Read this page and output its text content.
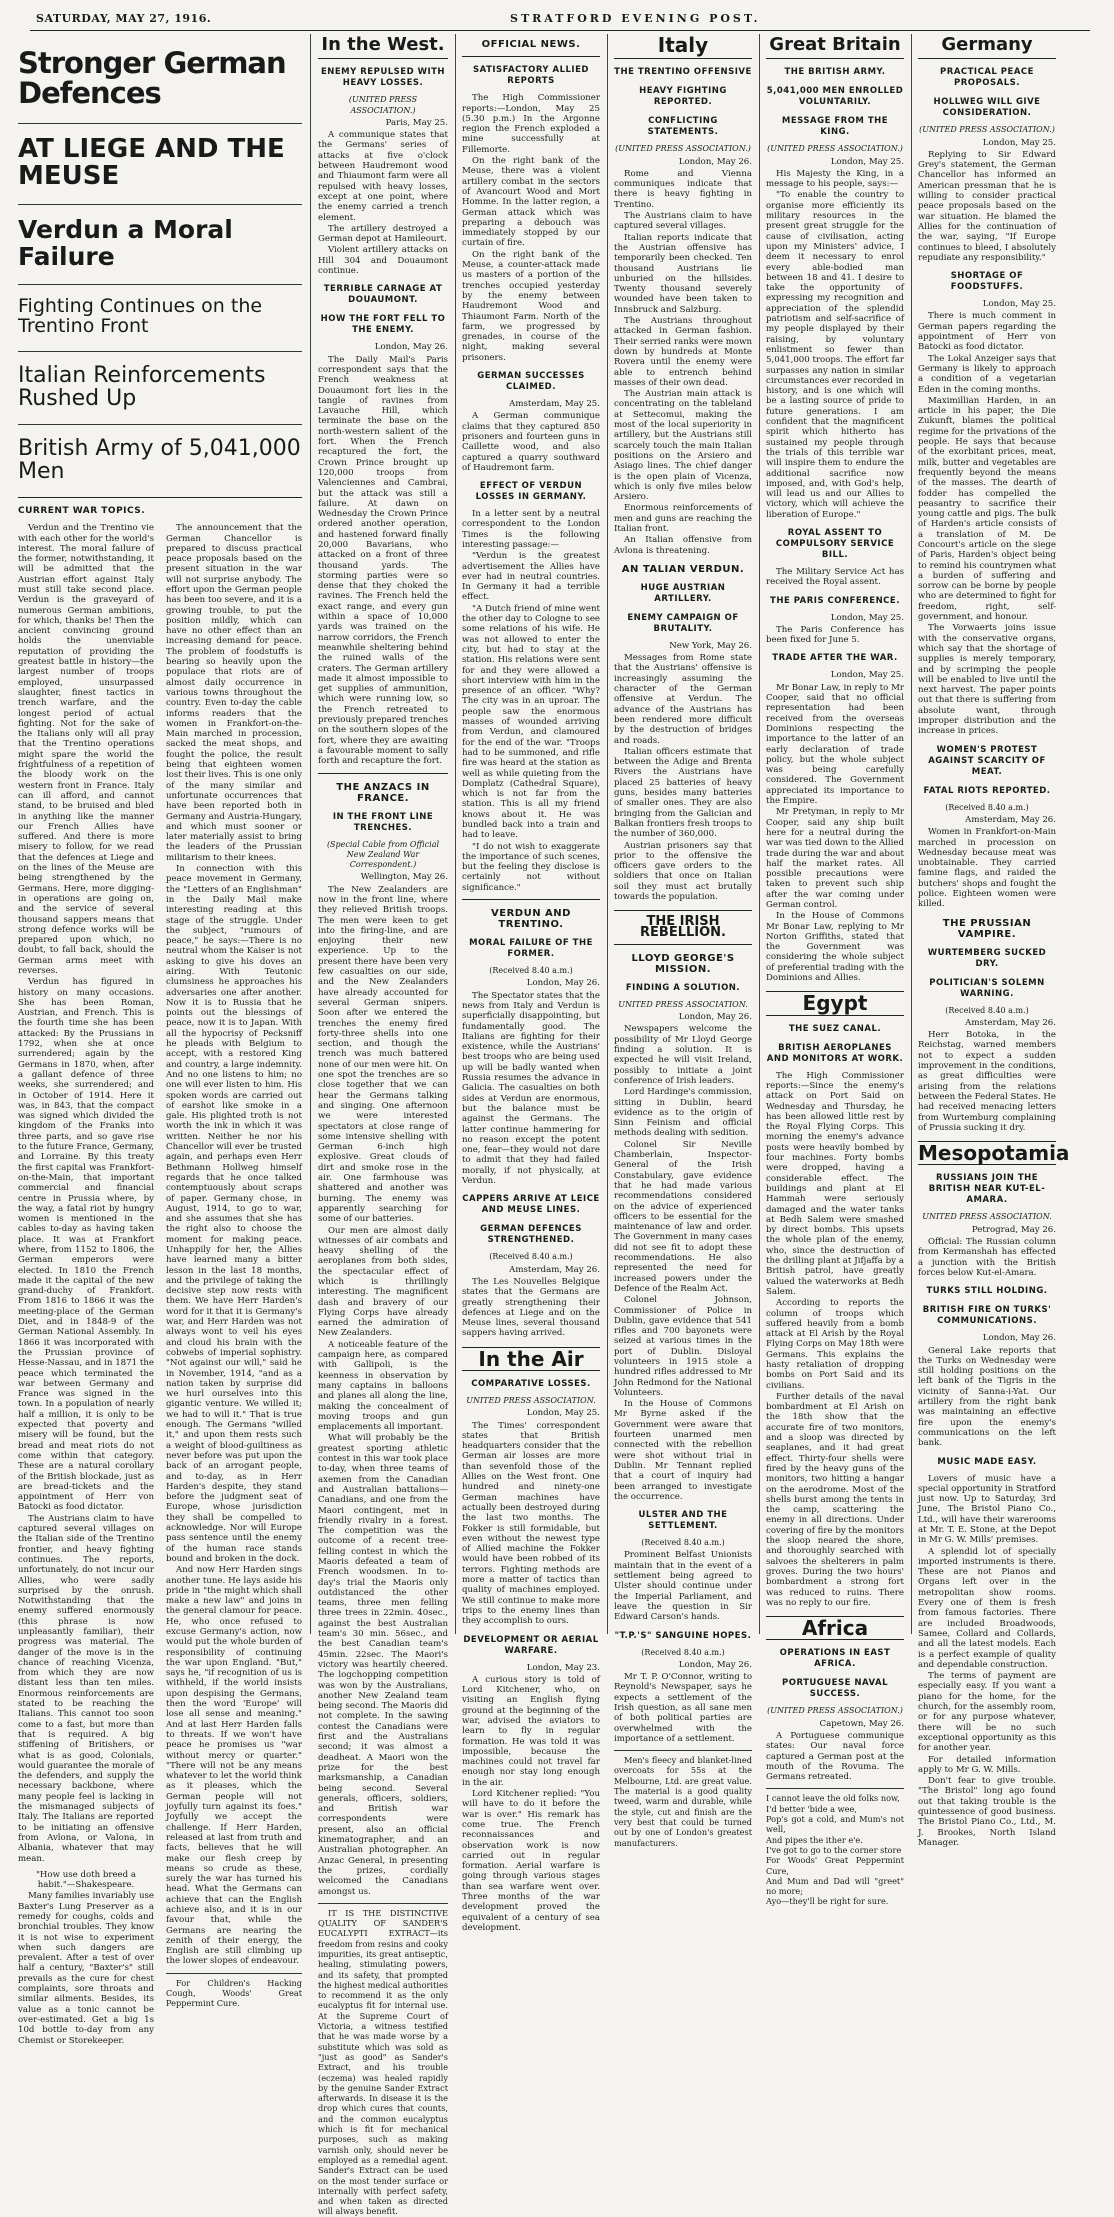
SATURDAY, MAY 27, 1916.	STRATFORD EVENING POST.
Stronger German Defences
AT LIEGE AND THE MEUSE
Verdun a Moral Failure
Fighting Continues on the Trentino Front
Italian Reinforcements Rushed Up
British Army of 5,041,000 Men
CURRENT WAR TOPICS.

Verdun and the Trentino vie with each other for the world's interest. The moral failure of the former, notwithstanding, it will be admitted that the Austrian effort against Italy must still take second place. Verdun is the graveyard of numerous German ambitions, for which, thanks be! Then the ancient convincing ground holds the unenviable reputation of providing the greatest battle in history—the largest number of troops employed, unsurpassed slaughter, finest tactics in trench warfare, and the longest period of actual fighting. Not for the sake of the Italians only will all pray that the Trentino operations might spare the world the frightfulness of a repetition of the bloody work on the western front in France. Italy can ill afford, and cannot stand, to be bruised and bled in anything like the manner our French Allies have suffered. And there is more misery to follow, for we read that the defences at Liege and on the lines of the Meuse are being strengthened by the Germans. Here, more digging-in operations are going on, and the service of several thousand sappers means that strong defence works will be prepared upon which, no doubt, to fall back, should the German arms meet with reverses.

Verdun has figured in history on many occasions. She has been Roman, Austrian, and French. This is the fourth time she has been attacked: By the Prussians in 1792, when she at once surrendered; again by the Germans in 1870, when, after a gallant defence of three weeks, she surrendered; and in October of 1914. Here it was, in 843, that the compact was signed which divided the kingdom of the Franks into three parts, and so gave rise to the future France, Germany, and Lorraine. By this treaty the first capital was Frankfort-on-the-Main, that important commercial and financial centre in Prussia where, by the way, a fatal riot by hungry women is mentioned in the cables to-day as having taken place. It was at Frankfort where, from 1152 to 1806, the German emperors were elected. In 1810 the French made it the capital of the new grand-duchy of Frankfort. From 1816 to 1866 it was the meeting-place of the German Diet, and in 1848-9 of the German National Assembly. In 1866 it was incorporated with the Prussian province of Hesse-Nassau, and in 1871 the peace which terminated the war between Germany and France was signed in the town. In a population of nearly half a million, it is only to be expected that poverty and misery will be found, but the bread and meat riots do not come within that category. These are a natural corollary of the British blockade, just as are bread-tickets and the appointment of Herr von Batocki as food dictator.

The Austrians claim to have captured several villages on the Italian side of the Trentino frontier, and heavy fighting continues. The reports, unfortunately, do not incur our Allies, who were sadly surprised by the onrush. Notwithstanding that the enemy suffered enormously (this phrase is now unpleasantly familiar), their progress was material. The danger of the move is in the chance of reaching Vicenza, from which they are now distant less than ten miles. Enormous reinforcements are stated to be reaching the Italians. This cannot too soon come to a fast, but more than that is required. A big stiffening of Britishers, or what is as good, Colonials, would guarantee the morale of the defenders, and supply the necessary backbone, where many people feel is lacking in the mismanaged subjects of Italy. The Italians are reported to be initiating an offensive from Avlona, or Valona, in Albania, whatever that may mean.

"How use doth breed a habit."—Shakespeare.

Many families invariably use Baxter's Lung Preserver as a remedy for coughs, colds and bronchial troubles. They know it is not wise to experiment when such dangers are prevalent. After a test of over half a century, "Baxter's" still prevails as the cure for chest complaints, sore throats and similar ailments. Besides, its value as a tonic cannot be over-estimated. Get a big 1s 10d bottle to-day from any Chemist or Storekeeper.

The announcement that the German Chancellor is prepared to discuss practical peace proposals based on the present situation in the war will not surprise anybody. The effort upon the German people has been too severe, and it is a growing trouble, to put the position mildly, which can have no other effect than an increasing demand for peace. The problem of foodstuffs is bearing so heavily upon the populace that riots are of almost daily occurrence in various towns throughout the country. Even to-day the cable informs readers that the women in Frankfort-on-the-Main marched in procession, sacked the meat shops, and fought the police, the result being that eighteen women lost their lives. This is one only of the many similar and unfortunate occurrences that have been reported both in Germany and Austria-Hungary, and which must sooner or later materially assist to bring the leaders of the Prussian militarism to their knees.

In connection with this peace movement in Germany, the "Letters of an Englishman" in the Daily Mail make interesting reading at this stage of the struggle. Under the subject, "rumours of peace," he says:—There is no neutral whom the Kaiser is not asking to give his doves an airing. With Teutonic clumsiness he approaches his adversaries one after another. Now it is to Russia that he points out the blessings of peace, now it is to Japan. With all the hypocrisy of Pecksniff he pleads with Belgium to accept, with a restored King and country, a large indemnity. And no one listens to him; no one will ever listen to him. His spoken words are carried out of earshot like smoke in a gale. His plighted troth is not worth the ink in which it was written. Neither he nor his Chancellor will ever be trusted again, and perhaps even Herr Bethmann Hollweg himself regards that he once talked contemptuously about scraps of paper. Germany chose, in August, 1914, to go to war, and she assumes that she has the right also to choose the moment for making peace. Unhappily for her, the Allies have learned many a bitter lesson in the last 18 months, and the privilege of taking the decisive step now rests with them. We have Herr Harden's word for it that it is Germany's war, and Herr Harden was not always wont to veil his eyes and cloud his brain with the cobwebs of imperial sophistry. "Not against our will," said he in November, 1914, "and as a nation taken by surprise did we hurl ourselves into this gigantic venture. We willed it; we had to will it." That is true enough. The Germans "willed it," and upon them rests such a weight of blood-guiltiness as never before was put upon the back of an arrogant people, and to-day, as in Herr Harden's despite, they stand before the judgment seat of Europe, whose jurisdiction they shall be compelled to acknowledge. Nor will Europe pass sentence until the enemy of the human race stands bound and broken in the dock.

And now Herr Harden sings another tune. He lays aside his pride in "the might which shall make a new law" and joins in the general clamour for peace. He, who once refused to excuse Germany's action, now would put the whole burden of responsibility of continuing the war upon England. "But," says he, "if recognition of us is withheld, if the world insists upon despising the Germans, then the word 'Europe' will lose all sense and meaning." And at last Herr Harden falls to threats. If we won't have peace he promises us "war without mercy or quarter." "There will not be any means whatever to let the world think as it pleases, which the German people will not joyfully turn against its foes." Joyfully we accept the challenge. If Herr Harden, released at last from truth and facts, believes that he will make our flesh creep by means so crude as these, surely the war has turned his head. What the Germans can achieve that can the English achieve also, and it is in our favour that, while the Germans are nearing the zenith of their energy, the English are still climbing up the lower slopes of endeavour.

For Children's Hacking Cough, Woods' Great Peppermint Cure.

In the West.
ENEMY REPULSED WITH HEAVY LOSSES.
(UNITED PRESS ASSOCIATION.)
Paris, May 25.

A communique states that the Germans' series of attacks at five o'clock between Haudremont wood and Thiaumont farm were all repulsed with heavy losses, except at one point, where the enemy carried a trench element.

The artillery destroyed a German depot at Hamileourt.

Violent artillery attacks on Hill 304 and Douaumont continue.

TERRIBLE CARNAGE AT DOUAUMONT.
HOW THE FORT FELL TO THE ENEMY.
London, May 26.

The Daily Mail's Paris correspondent says that the French weakness at Douaumont fort lies in the tangle of ravines from Lavauche Hill, which terminate the base on the north-western salient of the fort. When the French recaptured the fort, the Crown Prince brought up 120,000 troops from Valenciennes and Cambrai, but the attack was still a failure. At dawn on Wednesday the Crown Prince ordered another operation, and hastened forward finally 20,000 Bavarians, who attacked on a front of three thousand yards. The storming parties were so dense that they choked the ravines. The French held the exact range, and every gun within a space of 10,000 yards was trained on the narrow corridors, the French meanwhile sheltering behind the ruined walls of the craters. The German artillery made it almost impossible to get supplies of ammunition, which were running low, so the French retreated to previously prepared trenches on the southern slopes of the fort, where they are awaiting a favourable moment to sally forth and recapture the fort.

THE ANZACS IN FRANCE.
IN THE FRONT LINE TRENCHES.
(Special Cable from Official New Zealand War Correspondent.)
Wellington, May 26.

The New Zealanders are now in the front line, where they relieved British troops. The men were keen to get into the firing-line, and are enjoying their new experience. Up to the present there have been very few casualties on our side, and the New Zealanders have already accounted for several German snipers. Soon after we entered the trenches the enemy fired forty-three shells into one section, and though the trench was much battered none of our men were hit. On one spot the trenches are so close together that we can hear the Germans talking and singing. One afternoon we were interested spectators at close range of some intensive shelling with German 6-inch high explosive. Great clouds of dirt and smoke rose in the air. One farmhouse was shattered and another was burning. The enemy was apparently searching for some of our batteries.

Our men are almost daily witnesses of air combats and heavy shelling of the aeroplanes from both sides, the spectacular effect of which is thrillingly interesting. The magnificent dash and bravery of our Flying Corps have already earned the admiration of New Zealanders.

A noticeable feature of the campaign here, as compared with Gallipoli, is the keenness in observation by many captains in balloons and planes all along the line, making the concealment of moving troops and gun emplacements all important.

What will probably be the greatest sporting athletic contest in this war took place to-day, when three teams of axemen from the Canadian and Australian battalions—Canadians, and one from the Maori contingent, met in friendly rivalry in a forest. The competition was the outcome of a recent tree-felling contest in which the Maoris defeated a team of French woodsmen. In to-day's trial the Maoris only outdistanced the other teams, three men felling three trees in 22min. 40sec., against the best Australian team's 30 min. 56sec., and the best Canadian team's 45min. 22sec. The Maori's victory was heartily cheered. The logchopping competition was won by the Australians, another New Zealand team being second. The Maoris did not complete. In the sawing contest the Canadians were first and the Australians second; it was almost a deadheat. A Maori won the prize for the best marksmanship, a Canadian being second. Several generals, officers, soldiers, and British war correspondents were present, also an official kinematographer, and an Australian photographer. An Anzac General, in presenting the prizes, cordially welcomed the Canadians amongst us.

IT IS THE DISTINCTIVE QUALITY OF SANDER'S EUCALYPTI EXTRACT—its freedom from resins and cooky impurities, its great antiseptic, healing, stimulating powers, and its safety, that prompted the highest medical authorities to recommend it as the only eucalyptus fit for internal use. At the Supreme Court of Victoria, a witness testified that he was made worse by a substitute which was sold as "just as good" as Sander's Extract, and his trouble (eczema) was healed rapidly by the genuine Sander Extract afterwards. In disease it is the drop which cures that counts, and the common eucalyptus which is fit for mechanical purposes, such as making varnish only, should never be employed as a remedial agent. Sander's Extract can be used on the most tender surface or internally with perfect safety, and when taken as directed will always benefit.

OFFICIAL NEWS.
SATISFACTORY ALLIED REPORTS

The High Commissioner reports:—London, May 25 (5.30 p.m.) In the Argonne region the French exploded a mine successfully at Fillemorte.

On the right bank of the Meuse, there was a violent artillery combat in the sectors of Avancourt Wood and Mort Homme. In the latter region, a German attack which was preparing a debouch was immediately stopped by our curtain of fire.

On the right bank of the Meuse, a counter-attack made us masters of a portion of the trenches occupied yesterday by the enemy between Haudremont Wood and Thiaumont Farm. North of the farm, we progressed by grenades, in course of the night, making several prisoners.

GERMAN SUCCESSES CLAIMED.
Amsterdam, May 25.

A German communique claims that they captured 850 prisoners and fourteen guns in Caillette wood, and also captured a quarry southward of Haudremont farm.

EFFECT OF VERDUN LOSSES IN GERMANY.

In a letter sent by a neutral correspondent to the London Times is the following interesting passage:—

"Verdun is the greatest advertisement the Allies have ever had in neutral countries. In Germany it had a terrible effect.

"A Dutch friend of mine went the other day to Cologne to see some relations of his wife. He was not allowed to enter the city, but had to stay at the station. His relations were sent for and they were allowed a short interview with him in the presence of an officer. "Why? The city was in an uproar. The people saw the enormous masses of wounded arriving from Verdun, and clamoured for the end of the war. "Troops had to be summoned, and rifle fire was heard at the station as well as while quieting from the Domplatz (Cathedral Square), which is not far from the station. This is all my friend knows about it. He was bundled back into a train and had to leave.

"I do not wish to exaggerate the importance of such scenes, but the feeling they disclose is certainly not without significance."

VERDUN AND TRENTINO.
MORAL FAILURE OF THE FORMER.
(Received 8.40 a.m.)
London, May 26.

The Spectator states that the news from Italy and Verdun is superficially disappointing, but fundamentally good. The Italians are fighting for their existence, while the Austrians' best troops who are being used up will be badly wanted when Russia resumes the advance in Galicia. The casualties on both sides at Verdun are enormous, but the balance must be against the Germans. The latter continue hammering for no reason except the potent one, fear—they would not dare to admit that they had failed morally, if not physically, at Verdun.

CAPPERS ARRIVE AT LEICE AND MEUSE LINES.
GERMAN DEFENCES STRENGTHENED.
(Received 8.40 a.m.)
Amsterdam, May 26.

The Les Nouvelles Belgique states that the Germans are greatly strengthening their defences at Liege and on the Meuse lines, several thousand sappers having arrived.

In the Air
COMPARATIVE LOSSES.
UNITED PRESS ASSOCIATION.
London, May 25.

The Times' correspondent states that British headquarters consider that the German air losses are more than sevenfold those of the Allies on the West front. One hundred and ninety-one German machines have actually been destroyed during the last two months. The Fokker is still formidable, but even without the newest type of Allied machine the Fokker would have been robbed of its terrors. Fighting methods are more a matter of tactics than quality of machines employed. We still continue to make more trips to the enemy lines than they accomplish to ours.

DEVELOPMENT OR AERIAL WARFARE.
London, May 23.

A curious story is told of Lord Kitchener, who, on visiting an English flying ground at the beginning of the war, advised the aviators to learn to fly in regular formation. He was told it was impossible, because the machines could not travel far enough nor stay long enough in the air.

Lord Kitchener replied: "You will have to do it before the war is over." His remark has come true. The French reconnaissances and observation work is now carried out in regular formation. Aerial warfare is going through various stages than sea warfare went over. Three months of the war development proved the equivalent of a century of sea development.

Italy
THE TRENTINO OFFENSIVE
HEAVY FIGHTING REPORTED.
CONFLICTING STATEMENTS.
(UNITED PRESS ASSOCIATION.)
London, May 26.

Rome and Vienna communiques indicate that there is heavy fighting in Trentino.

The Austrians claim to have captured several villages.

Italian reports indicate that the Austrian offensive has temporarily been checked. Ten thousand Austrians lie unburied on the hillsides. Twenty thousand severely wounded have been taken to Innsbruck and Salzburg.

The Austrians throughout attacked in German fashion. Their serried ranks were mown down by hundreds at Monte Rovera until the enemy were able to entrench behind masses of their own dead.

The Austrian main attack is concentrating on the tableland at Settecomui, making the most of the local superiority in artillery, but the Austrians still scarcely touch the main Italian positions on the Arsiero and Asiago lines. The chief danger is the open plain of Vicenza, which is only five miles below Arsiero.

Enormous reinforcements of men and guns are reaching the Italian front.

An Italian offensive from Avlona is threatening.

AN TALIAN VERDUN.
HUGE AUSTRIAN ARTILLERY.
ENEMY CAMPAIGN OF BRUTALITY.
New York, May 26.

Messages from Rome state that the Austrians' offensive is increasingly assuming the character of the German offensive at Verdun. The advance of the Austrians has been rendered more difficult by the destruction of bridges and roads.

Italian officers estimate that between the Adige and Brenta Rivers the Austrians have placed 25 batteries of heavy guns, besides many batteries of smaller ones. They are also bringing from the Galician and Balkan frontiers fresh troops to the number of 360,000.

Austrian prisoners say that prior to the offensive the officers gave orders to the soldiers that once on Italian soil they must act brutally towards the population.

THE IRISH REBELLION.
LLOYD GEORGE'S MISSION.
FINDING A SOLUTION.
UNITED PRESS ASSOCIATION.
London, May 26.

Newspapers welcome the possibility of Mr Lloyd George finding a solution. It is expected he will visit Ireland, possibly to initiate a joint conference of Irish leaders.

Lord Hardinge's commission, sitting in Dublin, heard evidence as to the origin of Sinn Feinism and official methods dealing with sedition.

Colonel Sir Neville Chamberlain, Inspector-General of the Irish Constabulary, gave evidence that he had made various recommendations considered on the advice of experienced officers to be essential for the maintenance of law and order. The Government in many cases did not see fit to adopt these recommendations. He also represented the need for increased powers under the Defence of the Realm Act.

Colonel Johnson, Commissioner of Police in Dublin, gave evidence that 541 rifles and 700 bayonets were seized at various times in the port of Dublin. Disloyal volunteers in 1915 stole a hundred rifles addressed to Mr John Redmond for the National Volunteers.

In the House of Commons Mr Byrne asked if the Government were aware that fourteen unarmed men connected with the rebellion were shot without trial in Dublin. Mr Tennant replied that a court of inquiry had been arranged to investigate the occurrence.

ULSTER AND THE SETTLEMENT.
(Received 8.40 a.m.)

Prominent Belfast Unionists maintain that in the event of a settlement being agreed to Ulster should continue under the Imperial Parliament, and leave the question in Sir Edward Carson's hands.

"T.P.'S" SANGUINE HOPES.
(Received 8.40 a.m.)
London, May 26.

Mr T. P. O'Connor, writing to Reynold's Newspaper, says he expects a settlement of the Irish question, as all sane men of both political parties are overwhelmed with the importance of a settlement.

Men's fleecy and blanket-lined overcoats for 55s at the Melbourne, Ltd. are great value. The material is a good quality tweed, warm and durable, while the style, cut and finish are the very best that could be turned out by one of London's greatest manufacturers.

Great Britain
THE BRITISH ARMY.
5,041,000 MEN ENROLLED VOLUNTARILY.
MESSAGE FROM THE KING.
(UNITED PRESS ASSOCIATION.)
London, May 25.

His Majesty the King, in a message to his people, says:—

"To enable the country to organise more efficiently its military resources in the present great struggle for the cause of civilisation, acting upon my Ministers' advice, I deem it necessary to enrol every able-bodied man between 18 and 41. I desire to take the opportunity of expressing my recognition and appreciation of the splendid patriotism and self-sacrifice of my people displayed by their raising, by voluntary enlistment so fewer than 5,041,000 troops. The effort far surpasses any nation in similar circumstances ever recorded in history, and is one which will be a lasting source of pride to future generations. I am confident that the magnificent spirit which hitherto has sustained my people through the trials of this terrible war will inspire them to endure the additional sacrifice now imposed, and, with God's help, will lead us and our Allies to victory, which will achieve the liberation of Europe."

ROYAL ASSENT TO COMPULSORY SERVICE BILL.

The Military Service Act has received the Royal assent.

THE PARIS CONFERENCE.
London, May 25.

The Paris Conference has been fixed for June 5.

TRADE AFTER THE WAR.
London, May 25.

Mr Bonar Law, in reply to Mr Cooper, said that no official representation had been received from the overseas Dominions respecting the importance to the latter of an early declaration of trade policy, but the whole subject was being carefully considered. The Government appreciated its importance to the Empire.

Mr Pretyman, in reply to Mr Cooper, said any ship built here for a neutral during the war was tied down to the Allied trade during the war and about half the market rates. All possible precautions were taken to prevent such ship after the war coming under German control.

In the House of Commons Mr Bonar Law, replying to Mr Norton Griffiths, stated that the Government was considering the whole subject of preferential trading with the Dominions and Allies.

Egypt
THE SUEZ CANAL.
BRITISH AEROPLANES AND MONITORS AT WORK.

The High Commissioner reports:—Since the enemy's attack on Port Said on Wednesday and Thursday, he has been allowed little rest by the Royal Flying Corps. This morning the enemy's advance posts were heavily bombed by four machines. Forty bombs were dropped, having a considerable effect. The buildings and plant at El Hammah were seriously damaged and the water tanks at Bedh Salem were smashed by direct bombs. This upsets the whole plan of the enemy, who, since the destruction of the drilling plant at Jifjaffa by a British patrol, have greatly valued the waterworks at Bedh Salem.

According to reports the column of troops which suffered heavily from a bomb attack at El Arish by the Royal Flying Corps on May 18th were Germans. This explains the hasty retaliation of dropping bombs on Port Said and its civilians.

Further details of the naval bombardment at El Arish on the 18th show that the accurate fire of two monitors, and a sloop was directed by seaplanes, and it had great effect. Thirty-four shells were fired by the heavy guns of the monitors, two hitting a hangar on the aerodrome. Most of the shells burst among the tents in the camp, scattering the enemy in all directions. Under covering of fire by the monitors the sloop neared the shore, and thoroughly searched with salvoes the shelterers in palm groves. During the two hours' bombardment a strong fort was reduced to ruins. There was no reply to our fire.

Africa
OPERATIONS IN EAST AFRICA.
PORTUGUESE NAVAL SUCCESS.
(UNITED PRESS ASSOCIATION.)
Capetown, May 26.

A Portuguese communique states: Our naval force captured a German post at the mouth of the Rovuma. The Germans retreated.

I cannot leave the old folks now,
I'd better 'bide a wee,
Pop's got a cold, and Mum's not well,
And pipes the ither e'e.
I've got to go to the corner store
For Woods' Great Peppermint Cure,
And Mum and Dad will "greet" no more;
Ayo—they'll be right for sure.
Germany
PRACTICAL PEACE PROPOSALS.
HOLLWEG WILL GIVE CONSIDERATION.
(UNITED PRESS ASSOCIATION.)
London, May 25.

Replying to Sir Edward Grey's statement, the German Chancellor has informed an American pressman that he is willing to consider practical peace proposals based on the war situation. He blamed the Allies for the continuation of the war, saying, "If Europe continues to bleed, I absolutely repudiate any responsibility."

SHORTAGE OF FOODSTUFFS.
London, May 25.

There is much comment in German papers regarding the appointment of Herr von Batocki as food dictator.

The Lokal Anzeiger says that Germany is likely to approach a condition of a vegetarian Eden in the coming months.

Maximillian Harden, in an article in his paper, the Die Zukunft, blames the political regime for the privations of the people. He says that because of the exorbitant prices, meat, milk, butter and vegetables are frequently beyond the means of the masses. The dearth of fodder has compelled the peasantry to sacrifice their young cattle and pigs. The bulk of Harden's article consists of a translation of M. De Concourt's article on the siege of Paris, Harden's object being to remind his countrymen what a burden of suffering and sorrow can be borne by people who are determined to fight for freedom, right, self-government, and honour.

The Vorwaerts joins issue with the conservative organs, which say that the shortage of supplies is merely temporary, and by scrimping the people will be enabled to live until the next harvest. The paper points out that there is suffering from absolute want, through improper distribution and the increase in prices.

WOMEN'S PROTEST AGAINST SCARCITY OF MEAT.
FATAL RIOTS REPORTED.
(Received 8.40 a.m.)
Amsterdam, May 26.

Women in Frankfort-on-Main marched in procession on Wednesday because meat was unobtainable. They carried famine flags, and raided the butchers' shops and fought the police. Eighteen women were killed.

THE PRUSSIAN VAMPIRE.
WURTEMBERG SUCKED DRY.
POLITICIAN'S SOLEMN WARNING.
(Received 8.40 a.m.)
Amsterdam, May 26.

Herr Botoka, in the Reichstag, warned members not to expect a sudden improvement in the conditions, as great difficulties were arising from the relations between the Federal States. He had received menacing letters from Wurtemburg complaining of Prussia sucking it dry.

Mesopotamia
RUSSIANS JOIN THE BRITISH NEAR KUT-EL-AMARA.
UNITED PRESS ASSOCIATION.
Petrograd, May 26.

Official: The Russian column from Kermanshah has effected a junction with the British forces below Kut-el-Amara.

TURKS STILL HOLDING.
BRITISH FIRE ON TURKS' COMMUNICATIONS.
London, May 26.

General Lake reports that the Turks on Wednesday were still holding positions on the left bank of the Tigris in the vicinity of Sanna-i-Yat. Our artillery from the right bank was maintaining an effective fire upon the enemy's communications on the left bank.

MUSIC MADE EASY.

Lovers of music have a special opportunity in Stratford just now. Up to Saturday, 3rd June, The Bristol Piano Co., Ltd., will have their warerooms at Mr. T. E. Stone, at the Depot in Mr G. W. Mills' premises.

A splendid lot of specially imported instruments is there. These are not Pianos and Organs left over in the metropolitan show rooms. Every one of them is fresh from famous factories. There are included Broadwoods, Samee, Collard and Collards, and all the latest models. Each is a perfect example of quality and dependable construction.

The terms of payment are especially easy. If you want a piano for the home, for the church, for the assembly room, or for any purpose whatever, there will be no such exceptional opportunity as this for another year.

For detailed information apply to Mr G. W. Mills.

Don't fear to give trouble. "The Bristol" long ago found out that taking trouble is the quintessence of good business. The Bristol Piano Co., Ltd., M. J. Brookes, North Island Manager.
